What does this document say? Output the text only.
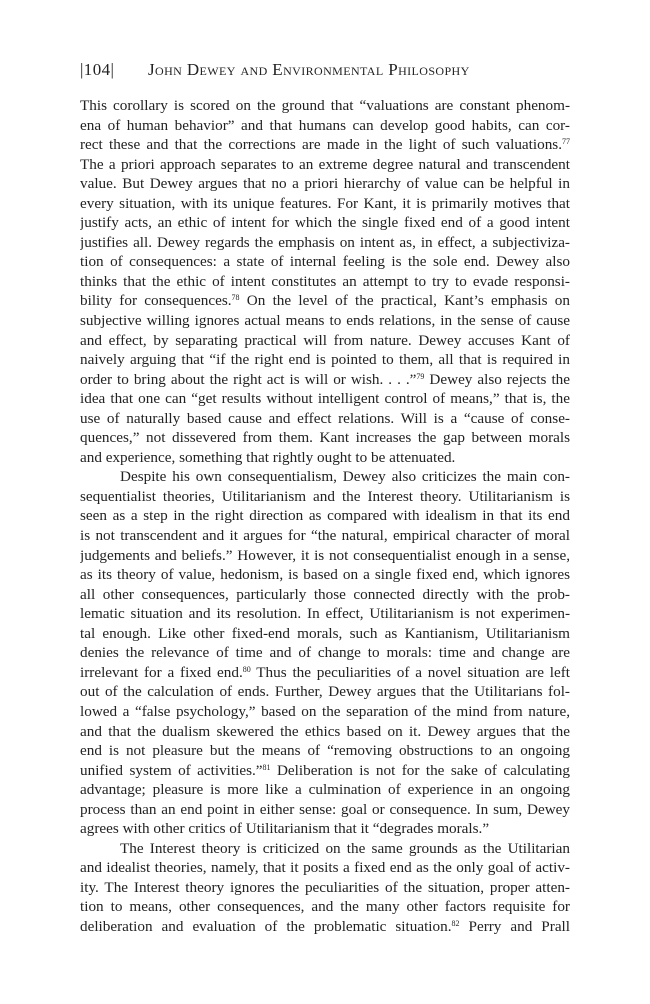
|104| John Dewey and Environmental Philosophy
This corollary is scored on the ground that “valuations are constant phenom-
ena of human behavior” and that humans can develop good habits, can cor-
rect these and that the corrections are made in the light of such valuations.$^{77}$
The a priori approach separates to an extreme degree natural and transcendent
value. But Dewey argues that no a priori hierarchy of value can be helpful in
every situation, with its unique features. For Kant, it is primarily motives that
justify acts, an ethic of intent for which the single fixed end of a good intent
justifies all. Dewey regards the emphasis on intent as, in effect, a subjectiviza-
tion of consequences: a state of internal feeling is the sole end. Dewey also
thinks that the ethic of intent constitutes an attempt to try to evade responsi-
bility for consequences.$^{78}$ On the level of the practical, Kant’s emphasis on
subjective willing ignores actual means to ends relations, in the sense of cause
and effect, by separating practical will from nature. Dewey accuses Kant of
naively arguing that “if the right end is pointed to them, all that is required in
order to bring about the right act is will or wish. . . .”$^{79}$ Dewey also rejects the
idea that one can “get results without intelligent control of means,” that is, the
use of naturally based cause and effect relations. Will is a “cause of conse-
quences,” not dissevered from them. Kant increases the gap between morals
and experience, something that rightly ought to be attenuated.
Despite his own consequentialism, Dewey also criticizes the main con-
sequentialist theories, Utilitarianism and the Interest theory. Utilitarianism is
seen as a step in the right direction as compared with idealism in that its end
is not transcendent and it argues for “the natural, empirical character of moral
judgements and beliefs.” However, it is not consequentialist enough in a sense,
as its theory of value, hedonism, is based on a single fixed end, which ignores
all other consequences, particularly those connected directly with the prob-
lematic situation and its resolution. In effect, Utilitarianism is not experimen-
tal enough. Like other fixed-end morals, such as Kantianism, Utilitarianism
denies the relevance of time and of change to morals: time and change are
irrelevant for a fixed end.$^{80}$ Thus the peculiarities of a novel situation are left
out of the calculation of ends. Further, Dewey argues that the Utilitarians fol-
lowed a “false psychology,” based on the separation of the mind from nature,
and that the dualism skewered the ethics based on it. Dewey argues that the
end is not pleasure but the means of “removing obstructions to an ongoing
unified system of activities.”$^{81}$ Deliberation is not for the sake of calculating
advantage; pleasure is more like a culmination of experience in an ongoing
process than an end point in either sense: goal or consequence. In sum, Dewey
agrees with other critics of Utilitarianism that it “degrades morals.”
The Interest theory is criticized on the same grounds as the Utilitarian
and idealist theories, namely, that it posits a fixed end as the only goal of activ-
ity. The Interest theory ignores the peculiarities of the situation, proper atten-
tion to means, other consequences, and the many other factors requisite for
deliberation and evaluation of the problematic situation.$^{82}$ Perry and Prall
